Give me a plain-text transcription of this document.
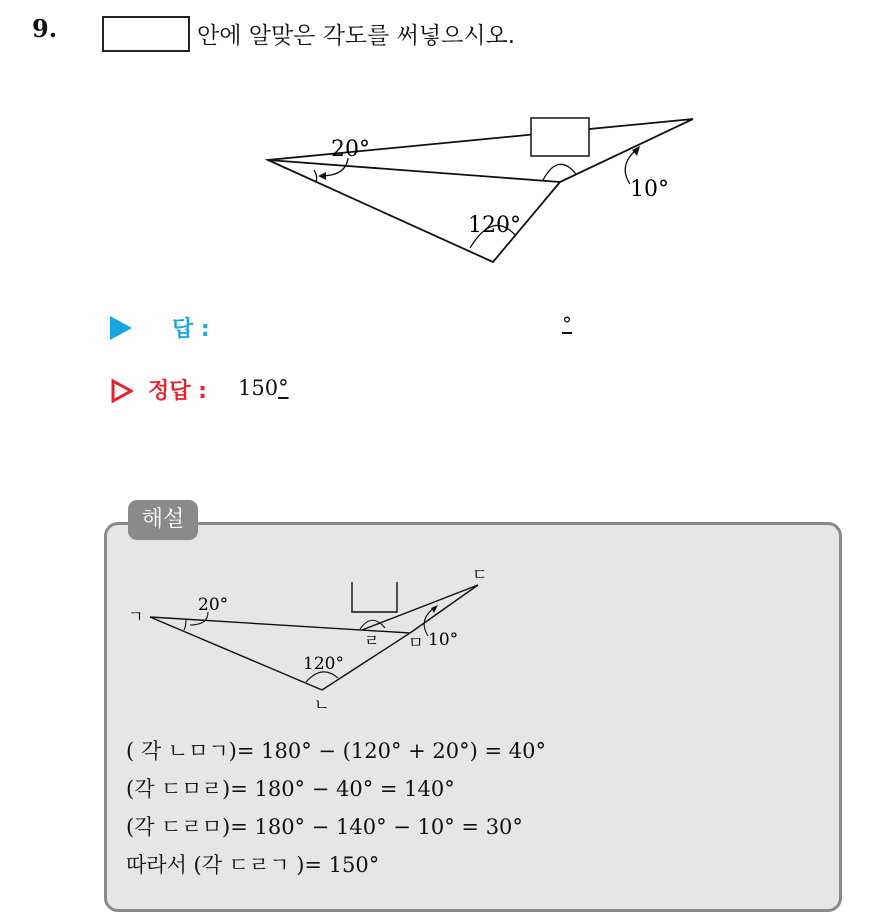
9.	안에 알맞은 각도를 써넣으시오.
20°
120°
10°
답 :	°
정답 : 150°
해설
ㄱ
ㄴ
ㄷ
ㄹ ㅁ
20°
120°
10°
( 각 ㄴㅁㄱ)= 180° − (120° + 20°) = 40°
(각 ㄷㅁㄹ)= 180° − 40° = 140°
(각 ㄷㄹㅁ)= 180° − 140° − 10° = 30°
따라서 (각 ㄷㄹㄱ )= 150°
